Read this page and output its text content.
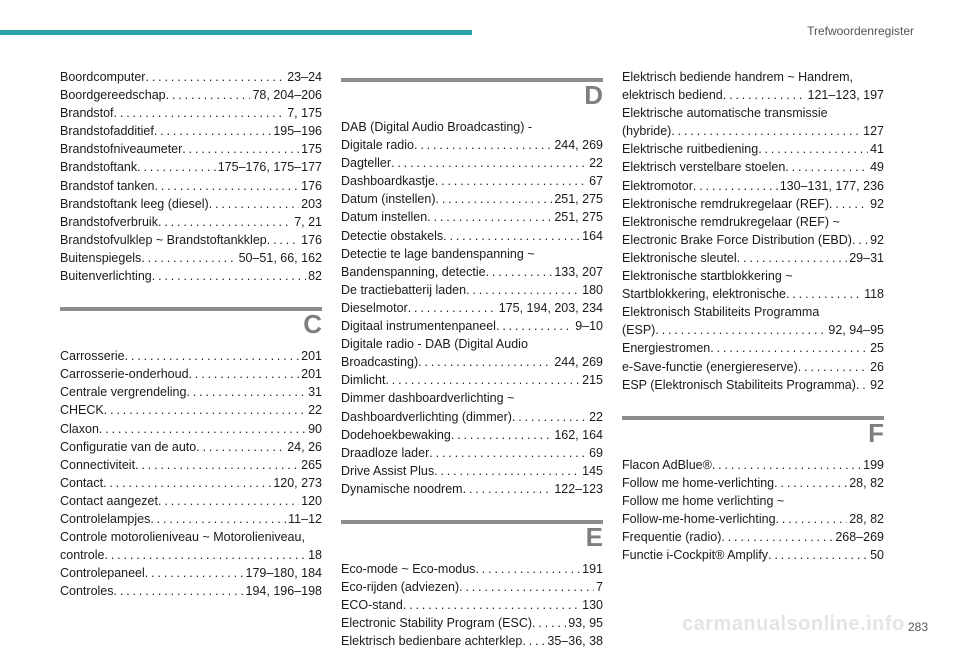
Trefwoordenregister
Boordcomputer . . .	23–24
Boordgereedschap . . .	78, 204–206
Brandstof . . .	7, 175
Brandstofadditief . . .	195–196
Brandstofniveaumeter . . .	175
Brandstoftank . . .	175–176, 175–177
Brandstof tanken . . .	176
Brandstoftank leeg (diesel) . . .	203
Brandstofverbruik . . .	7, 21
Brandstofvulklep ~ Brandstoftankklep . . .	176
Buitenspiegels . . .	50–51, 66, 162
Buitenverlichting . . .	82
C
Carrosserie . . .	201
Carrosserie-onderhoud . . .	201
Centrale vergrendeling . . .	31
CHECK . . .	22
Claxon . . .	90
Configuratie van de auto . . .	24, 26
Connectiviteit . . .	265
Contact . . .	120, 273
Contact aangezet . . .	120
Controlelampjes . . .	11–12
Controle motorolieniveau ~ Motorolieniveau,
controle . . .	18
Controlepaneel . . .	179–180, 184
Controles . . .	194, 196–198
D
DAB (Digital Audio Broadcasting) -
Digitale radio . . .	244, 269
Dagteller . . .	22
Dashboardkastje . . .	67
Datum (instellen) . . .	251, 275
Datum instellen . . .	251, 275
Detectie obstakels . . .	164
Detectie te lage bandenspanning ~
Bandenspanning, detectie . . .	133, 207
De tractiebatterij laden . . .	180
Dieselmotor . . .	175, 194, 203, 234
Digitaal instrumentenpaneel . . .	9–10
Digitale radio - DAB (Digital Audio
Broadcasting) . . .	244, 269
Dimlicht . . .	215
Dimmer dashboardverlichting ~
Dashboardverlichting (dimmer) . . .	22
Dodehoekbewaking . . .	162, 164
Draadloze lader . . .	69
Drive Assist Plus . . .	145
Dynamische noodrem . . .	122–123
E
Eco-mode ~ Eco-modus . . .	191
Eco-rijden (adviezen) . . .	7
ECO-stand . . .	130
Electronic Stability Program (ESC) . . .	93, 95
Elektrisch bedienbare achterklep . . . 35–36, 38
Elektrisch bediende handrem ~ Handrem,
elektrisch bediend . . .	121–123, 197
Elektrische automatische transmissie
(hybride) . . .	127
Elektrische ruitbediening . . .	41
Elektrisch verstelbare stoelen . . .	49
Elektromotor . . .	130–131, 177, 236
Elektronische remdrukregelaar (REF) . . .	92
Elektronische remdrukregelaar (REF) ~
Electronic Brake Force Distribution (EBD) . . . 92
Elektronische sleutel . . .	29–31
Elektronische startblokkering ~
Startblokkering, elektronische . . .	118
Elektronisch Stabiliteits Programma
(ESP) . . .	92, 94–95
Energiestromen . . .	25
e-Save-functie (energiereserve) . . .	26
ESP (Elektronisch Stabiliteits Programma) . . . 92
F
Flacon AdBlue® . . .	199
Follow me home-verlichting . . .	28, 82
Follow me home verlichting ~
Follow-me-home-verlichting . . .	28, 82
Frequentie (radio) . . .	268–269
Functie i-Cockpit® Amplify . . .	50
carmanualsonline.info 283
